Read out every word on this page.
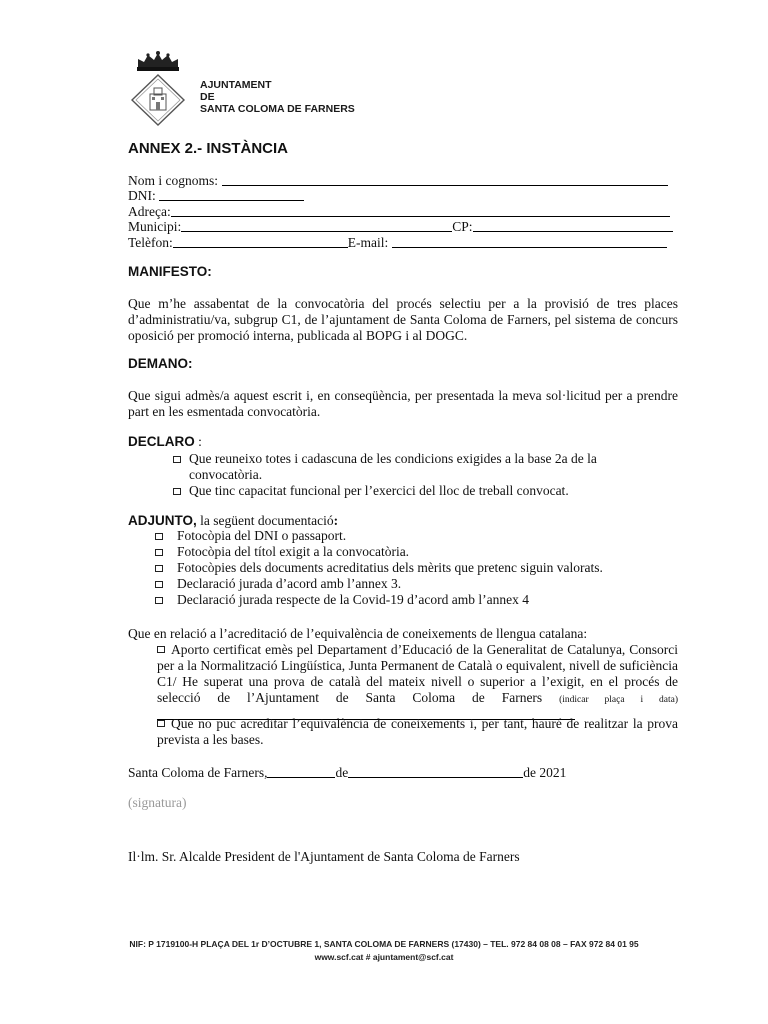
AJUNTAMENT
DE
SANTA COLOMA DE FARNERS
ANNEX 2.- INSTÀNCIA
Nom i cognoms:
DNI:
Adreça:
Municipi:	CP:
Telèfon:	E-mail:
MANIFESTO:
Que m’he assabentat de la convocatòria del procés selectiu per a la provisió de tres places d’administratiu/va, subgrup C1, de l’ajuntament de Santa Coloma de Farners, pel sistema de concurs oposició per promoció interna, publicada al BOPG i al DOGC.
DEMANO:
Que sigui admès/a aquest escrit i, en conseqüència, per presentada la meva sol·licitud per a prendre part en les esmentada convocatòria.
DECLARO :
Que reuneixo totes i cadascuna de les condicions exigides a la base 2a de la convocatòria.
Que tinc capacitat funcional per l’exercici del lloc de treball convocat.
ADJUNTO, la següent documentació:
Fotocòpia del DNI o passaport.
Fotocòpia del títol exigit a la convocatòria.
Fotocòpies dels documents acreditatius dels mèrits que pretenc siguin valorats.
Declaració jurada d’acord amb l’annex 3.
Declaració jurada respecte de la Covid-19 d’acord amb l’annex 4
Que en relació a l’acreditació de l’equivalència de coneixements de llengua catalana:
Aporto certificat emès pel Departament d’Educació de la Generalitat de Catalunya, Consorci per a la Normalització Lingüística, Junta Permanent de Català o equivalent, nivell de suficiència C1/ He superat una prova de català del mateix nivell o superior a l’exigit, en el procés de selecció de l’Ajuntament de Santa Coloma de Farners (indicar plaça i data)
Que no puc acreditar l’equivalència de coneixements i, per tant, hauré de realitzar la prova prevista a les bases.
Santa Coloma de Farners,	de	de 2021
(signatura)
Il·lm. Sr. Alcalde President de l'Ajuntament de Santa Coloma de Farners
NIF: P 1719100-H PLAÇA DEL 1r D’OCTUBRE 1, SANTA COLOMA DE FARNERS (17430) – TEL. 972 84 08 08 – FAX 972 84 01 95
www.scf.cat # ajuntament@scf.cat
